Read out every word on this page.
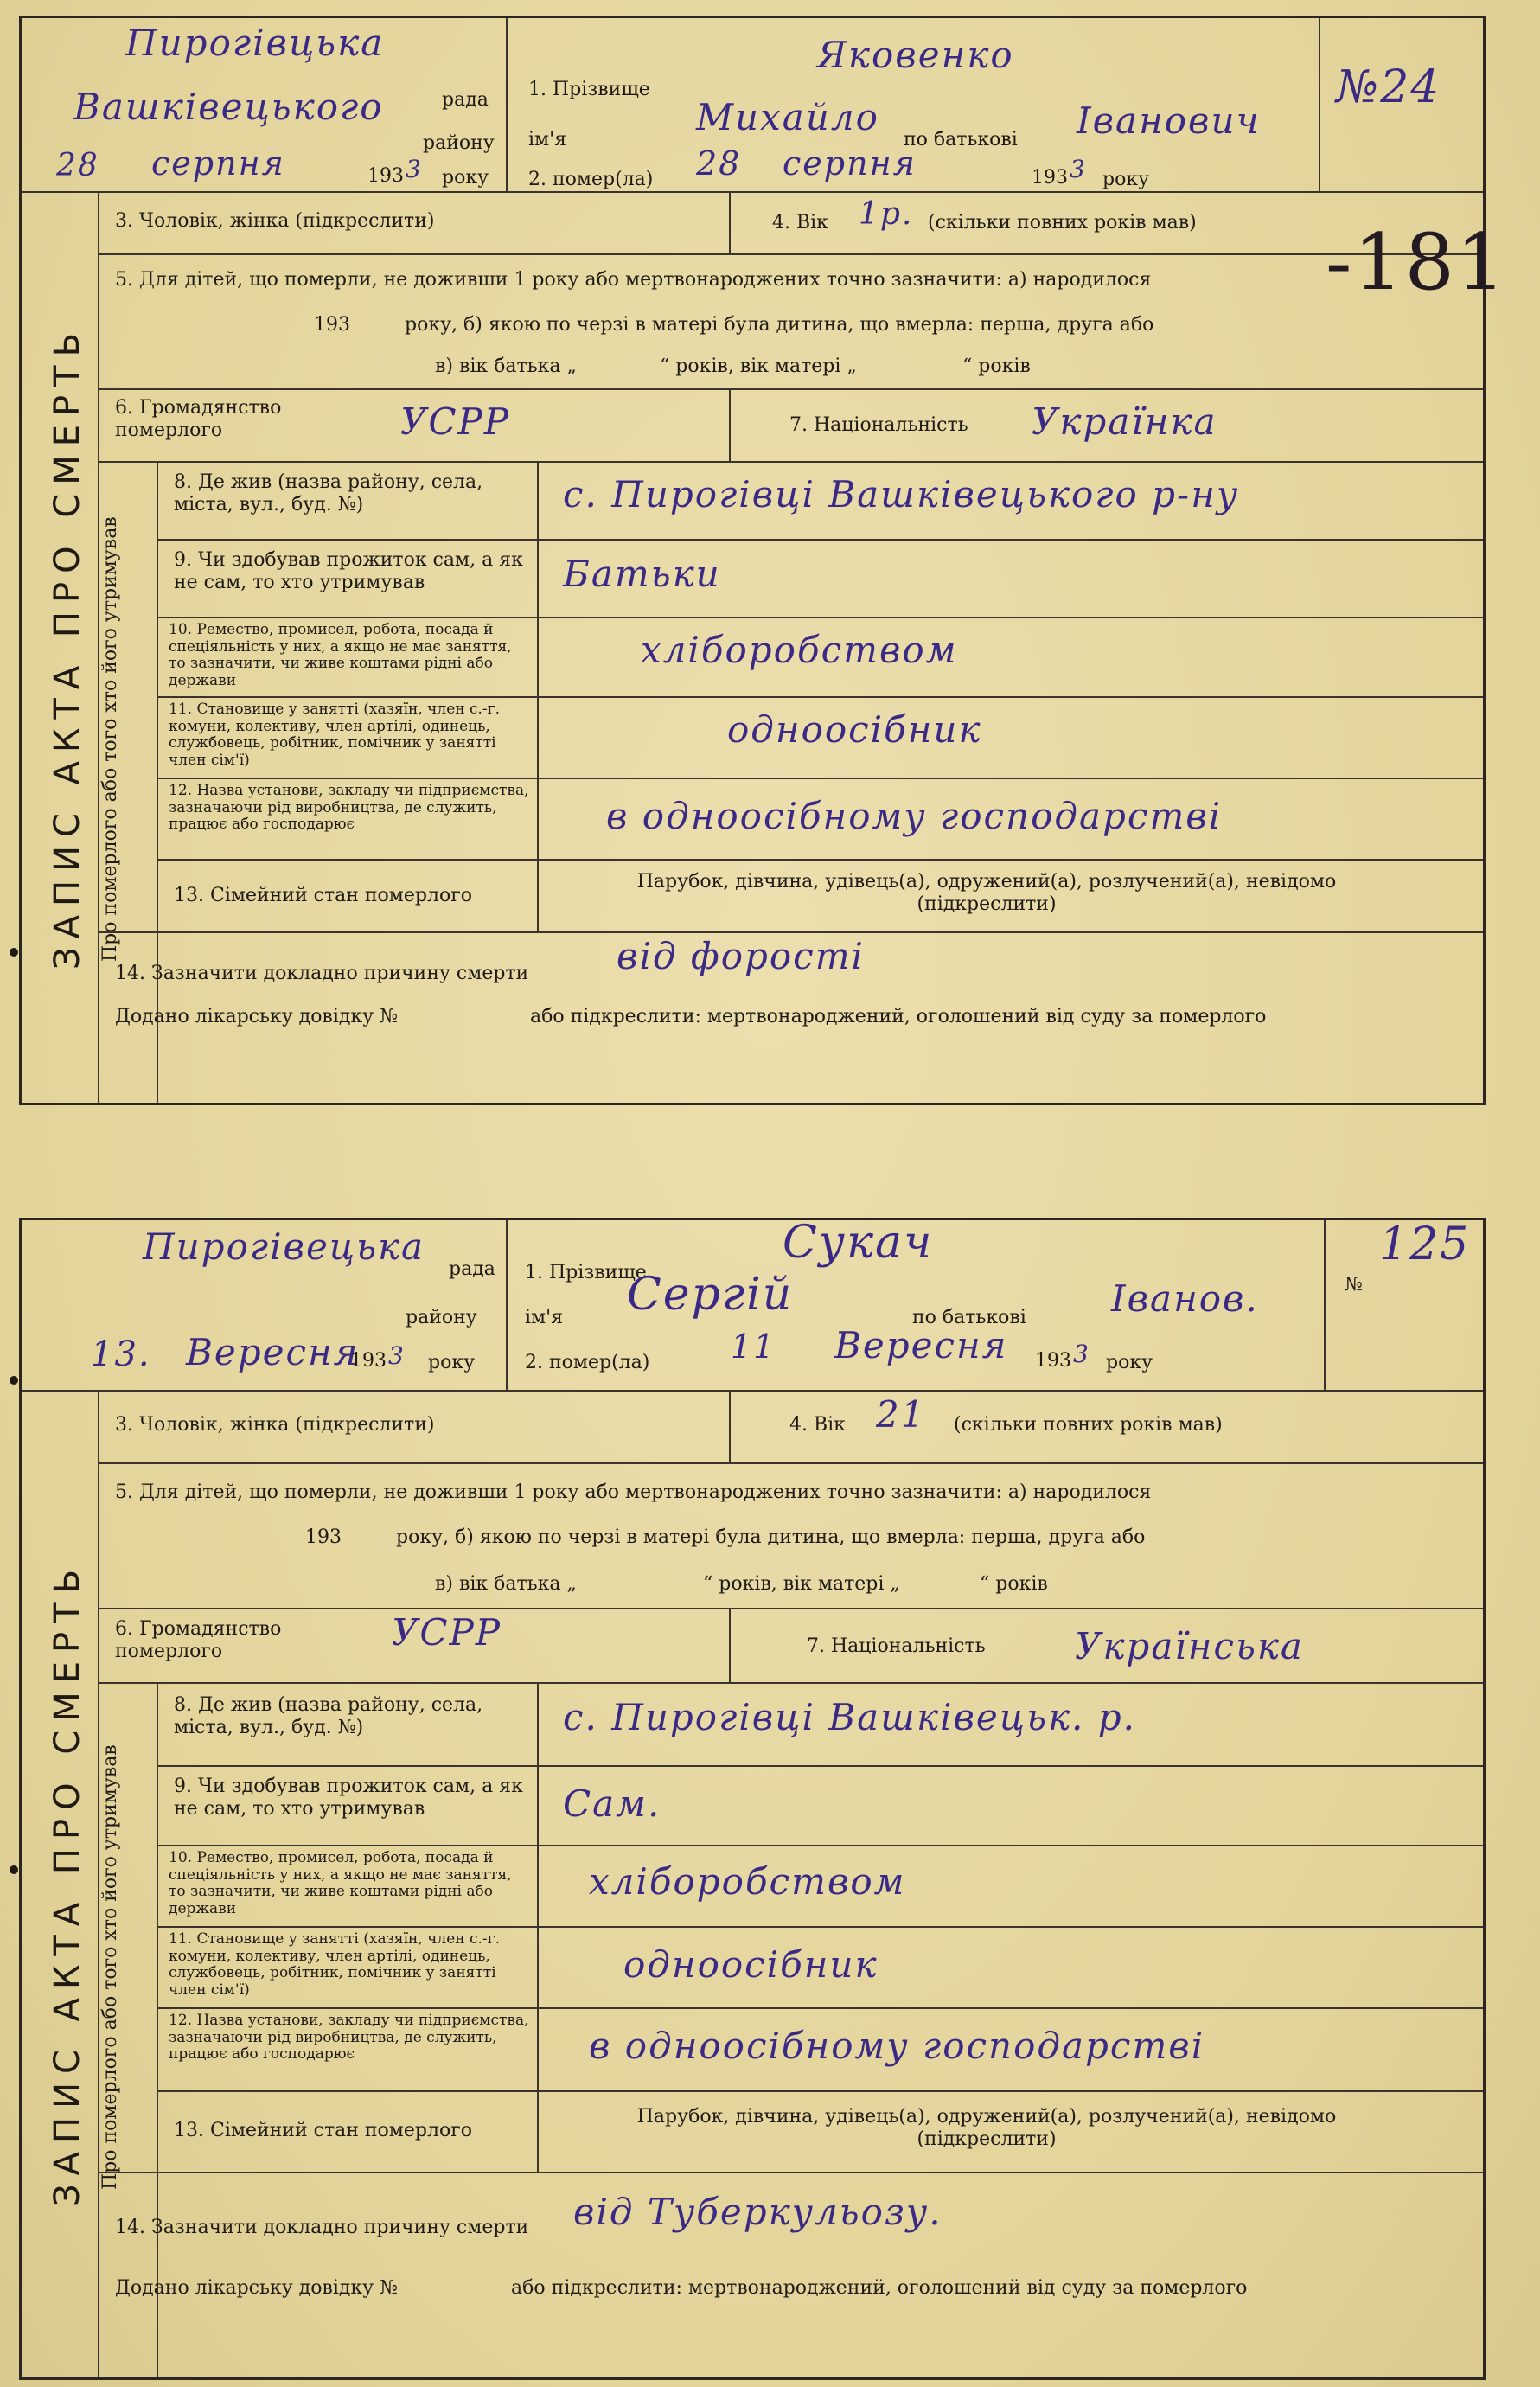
Пирогівцька
рада
Вашківецького
району
28 серпня	193 3 року
1. Прізвище
Яковенко
ім'я
Михайло
по батькові Іванович
2. помер(ла) 28 серпня	193 3 року
№24
ЗАПИС АКТА ПРО СМЕРТЬ
3. Чоловік, жінка (підкреслити)	4. Вік 1р. (скільки повних років мав) -181
5. Для дітей, що померли, не доживши 1 року або мертвонароджених точно зазначити: а) народилося
193	року, б) якою по черзі в матері була дитина, що вмерла: перша, друга або
в) вік батька „	“ років, вік матері „	“ років
6. Громадянство померлого	УСРР	7. Національність Українка
Про померлого або того хто його утримував
8. Де жив (назва району, села, міста, вул., буд. №)	с. Пирогівці Вашківецького р-ну
9. Чи здобував прожиток сам, а як не сам, то хто утримував	Батьки
10. Ремество, промисел, робота, посада й спеціяльність у них, а якщо не має заняття, то зазначити, чи живе коштами рідні або держави
хліборобством
11. Становище у занятті (хазяїн, член с.-г. комуни, колективу, член артілі, одинець, службовець, робітник, помічник у занятті член сім'ї)
одноосібник
12. Назва установи, закладу чи підприємства, зазначаючи рід виробництва, де служить, працює або господарює	в одноосібному господарстві
13. Сімейний стан померлого
Парубок, дівчина, удівець(а), одружений(а), розлучений(а), невідомо (підкреслити)
14. Зазначити докладно причину смерти від форості
Додано лікарську довідку №	або підкреслити: мертвонароджений, оголошений від суду за померлого
Пирогівецька
рада
району
13. Вересня
193 3 року
1. Прізвище
Сукач
ім'я Сергій	по батькові Іванов.
2. помер(ла) 11 Вересня 193 3 року
№
125
ЗАПИС АКТА ПРО СМЕРТЬ
3. Чоловік, жінка (підкреслити)	4. Вік 21 (скільки повних років мав)
5. Для дітей, що померли, не доживши 1 року або мертвонароджених точно зазначити: а) народилося
193	року, б) якою по черзі в матері була дитина, що вмерла: перша, друга або
в) вік батька „	“ років, вік матері „	“ років
6. Громадянство померлого	УСРР	7. Національність Українська
Про померлого або того хто його утримував
8. Де жив (назва району, села, міста, вул., буд. №)	с. Пирогівці Вашківецьк. р.
9. Чи здобував прожиток сам, а як не сам, то хто утримував	Сам.
10. Ремество, промисел, робота, посада й спеціяльність у них, а якщо не має заняття, то зазначити, чи живе коштами рідні або держави
хліборобством
11. Становище у занятті (хазяїн, член с.-г. комуни, колективу, член артілі, одинець, службовець, робітник, помічник у занятті член сім'ї)
одноосібник
12. Назва установи, закладу чи підприємства, зазначаючи рід виробництва, де служить, працює або господарює	в одноосібному господарстві
13. Сімейний стан померлого
Парубок, дівчина, удівець(а), одружений(а), розлучений(а), невідомо (підкреслити)
14. Зазначити докладно причину смерти від Туберкульозу.
Додано лікарську довідку №	або підкреслити: мертвонароджений, оголошений від суду за померлого
